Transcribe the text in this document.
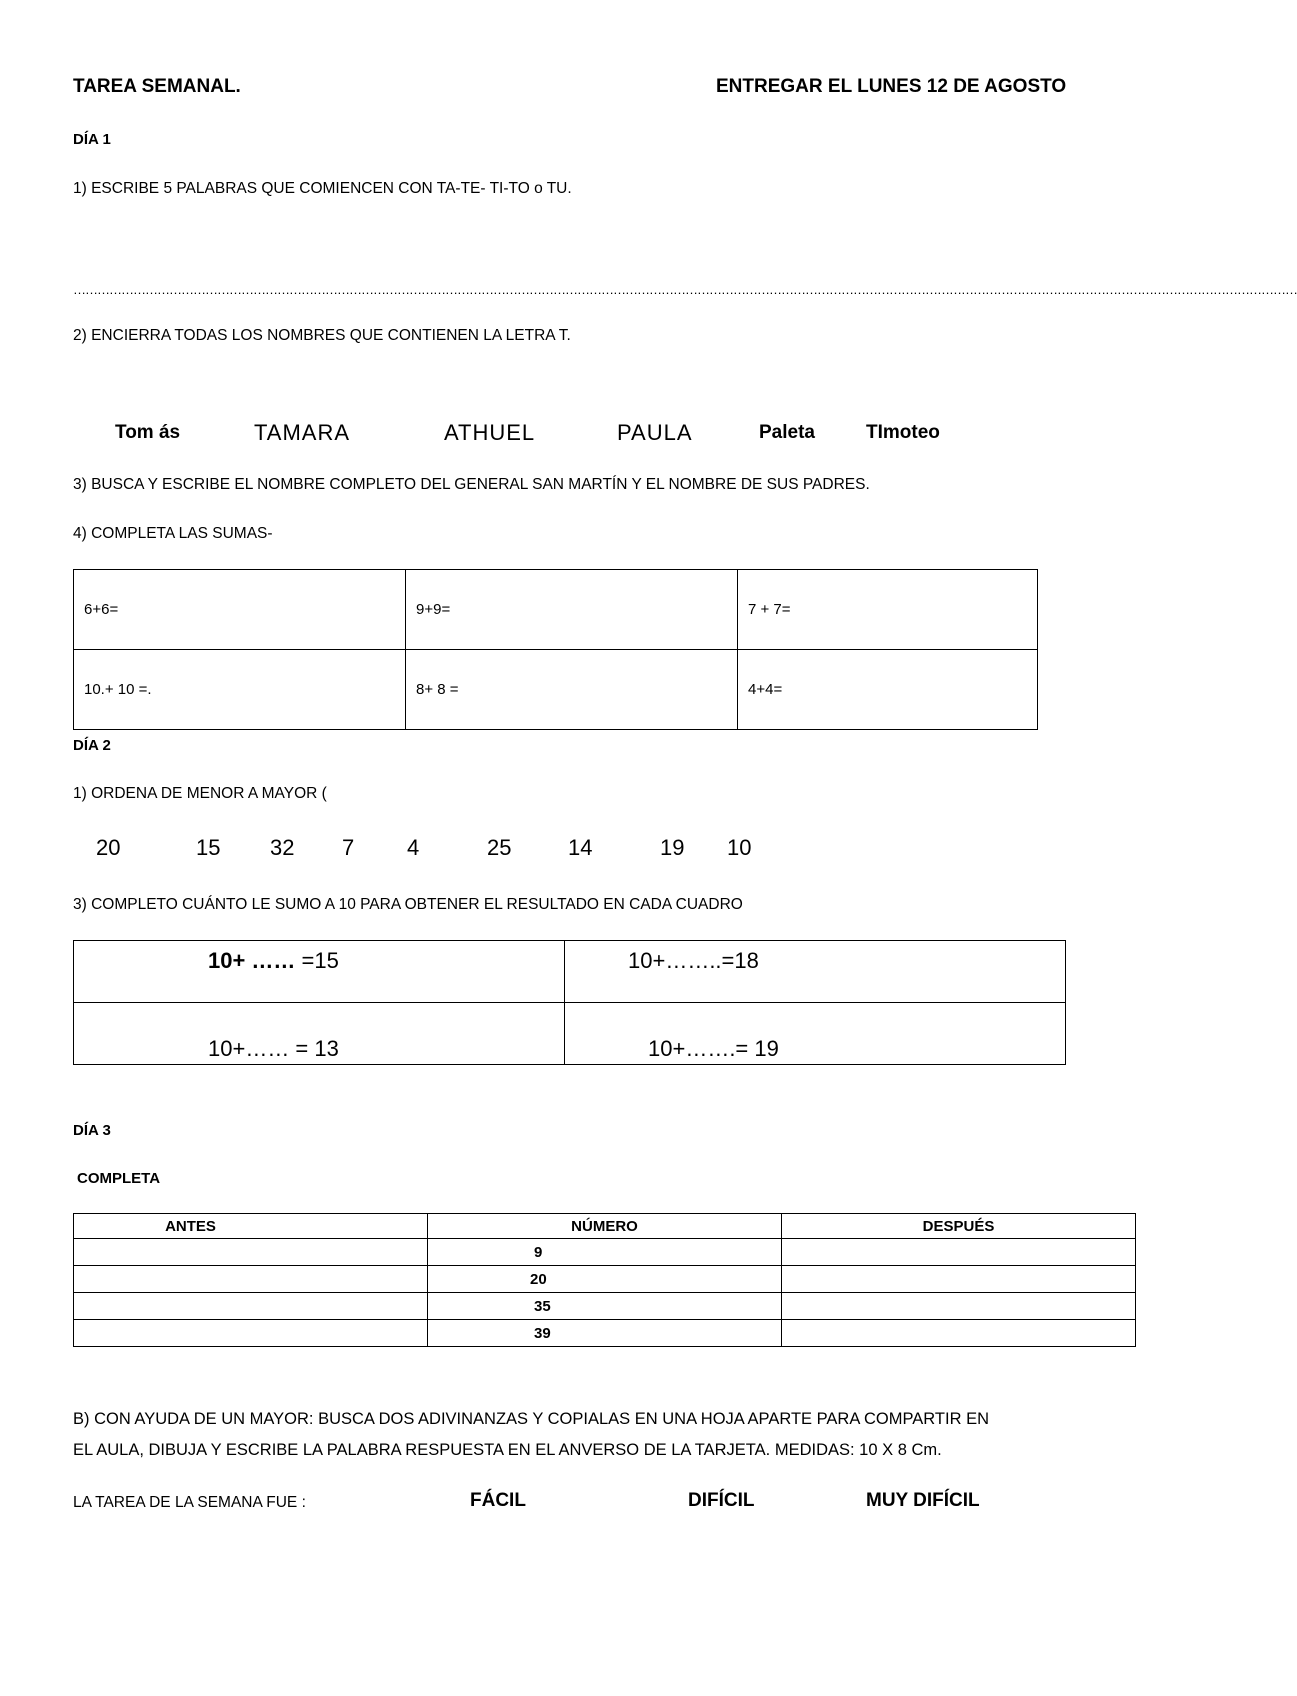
TAREA SEMANAL.	ENTREGAR EL LUNES 12 DE AGOSTO
DÍA 1
1) ESCRIBE 5 PALABRAS QUE COMIENCEN CON TA-TE- TI-TO o TU.
………………………………………………………………………………………………………………………………………………………………………………………………………………………………………………………………………………
2) ENCIERRA TODAS LOS NOMBRES QUE CONTIENEN LA LETRA T.
Tom ás	TAMARA	ATHUEL	PAULA	Paleta	TImoteo
3) BUSCA Y ESCRIBE EL NOMBRE COMPLETO DEL GENERAL SAN MARTÍN Y EL NOMBRE DE SUS PADRES.
4) COMPLETA LAS SUMAS-
6+6=	9+9=	7 + 7=
10.+ 10 =.	8+ 8 =	4+4=
DÍA 2
1) ORDENA DE MENOR A MAYOR (
20	15 32 7 4	25	14	19 10
3) COMPLETO CUÁNTO LE SUMO A 10 PARA OBTENER EL RESULTADO EN CADA CUADRO
10+ …… =15	10+……..=18

10+…… = 13	10+…….= 19
DÍA 3
COMPLETA
ANTES	NÚMERO	DESPUÉS
	9	
	20	
	35	
	39	
B) CON AYUDA DE UN MAYOR: BUSCA DOS ADIVINANZAS Y COPIALAS EN UNA HOJA APARTE PARA COMPARTIR EN
EL AULA, DIBUJA Y ESCRIBE LA PALABRA RESPUESTA EN EL ANVERSO DE LA TARJETA. MEDIDAS: 10 X 8 Cm.
LA TAREA DE LA SEMANA FUE :	FÁCIL	DIFÍCIL	MUY DIFÍCIL
